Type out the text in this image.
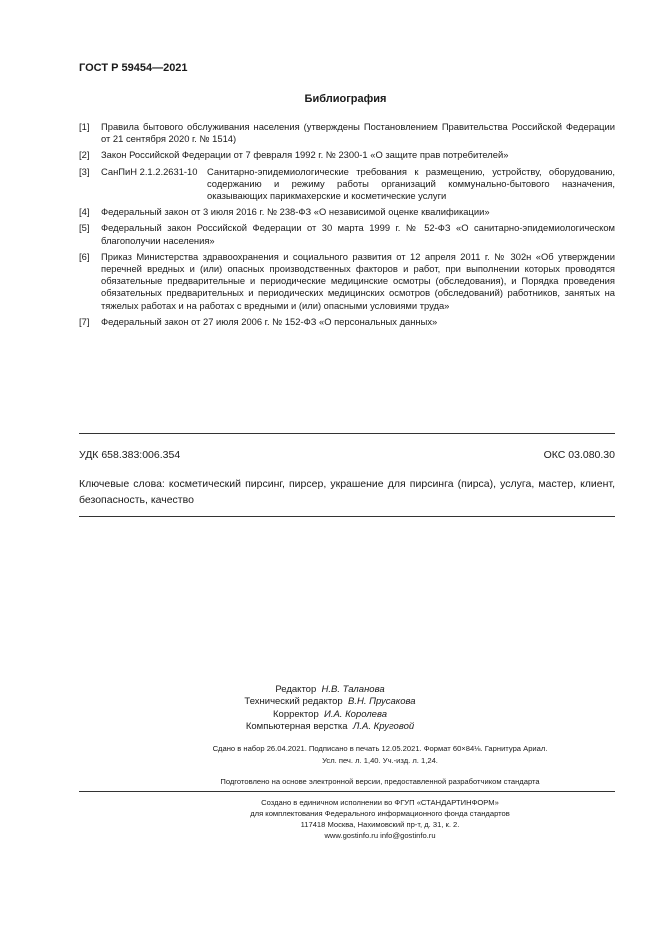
ГОСТ Р 59454—2021
Библиография
[1]	Правила бытового обслуживания населения (утверждены Постановлением Правительства Российской Федерации от 21 сентября 2020 г. № 1514)
[2]	Закон Российской Федерации от 7 февраля 1992 г. № 2300-1 «О защите прав потребителей»
[3]	СанПиН 2.1.2.2631-10	Санитарно-эпидемиологические требования к размещению, устройству, оборудованию, содержанию и режиму работы организаций коммунально-бытового назначения, оказывающих парикмахерские и косметические услуги
[4]	Федеральный закон от 3 июля 2016 г. № 238-ФЗ «О независимой оценке квалификации»
[5]	Федеральный закон Российской Федерации от 30 марта 1999 г. № 52-ФЗ «О санитарно-эпидемиологическом благополучии населения»
[6]	Приказ Министерства здравоохранения и социального развития от 12 апреля 2011 г. № 302н «Об утверждении перечней вредных и (или) опасных производственных факторов и работ, при выполнении которых проводятся обязательные предварительные и периодические медицинские осмотры (обследования), и Порядка проведения обязательных предварительных и периодических медицинских осмотров (обследований) работников, занятых на тяжелых работах и на работах с вредными и (или) опасными условиями труда»
[7]	Федеральный закон от 27 июля 2006 г. № 152-ФЗ «О персональных данных»
УДК 658.383:006.354	ОКС 03.080.30
Ключевые слова: косметический пирсинг, пирсер, украшение для пирсинга (пирса), услуга, мастер, клиент, безопасность, качество
Редактор Н.В. Таланова
Технический редактор В.Н. Прусакова
Корректор И.А. Королева
Компьютерная верстка Л.А. Круговой
Сдано в набор 26.04.2021. Подписано в печать 12.05.2021. Формат 60×84⅛. Гарнитура Ариал.
Усл. печ. л. 1,40. Уч.-изд. л. 1,24.
Подготовлено на основе электронной версии, предоставленной разработчиком стандарта
Создано в единичном исполнении во ФГУП «СТАНДАРТИНФОРМ»
для комплектования Федерального информационного фонда стандартов
117418 Москва, Нахимовский пр-т, д. 31, к. 2.
www.gostinfo.ru info@gostinfo.ru
